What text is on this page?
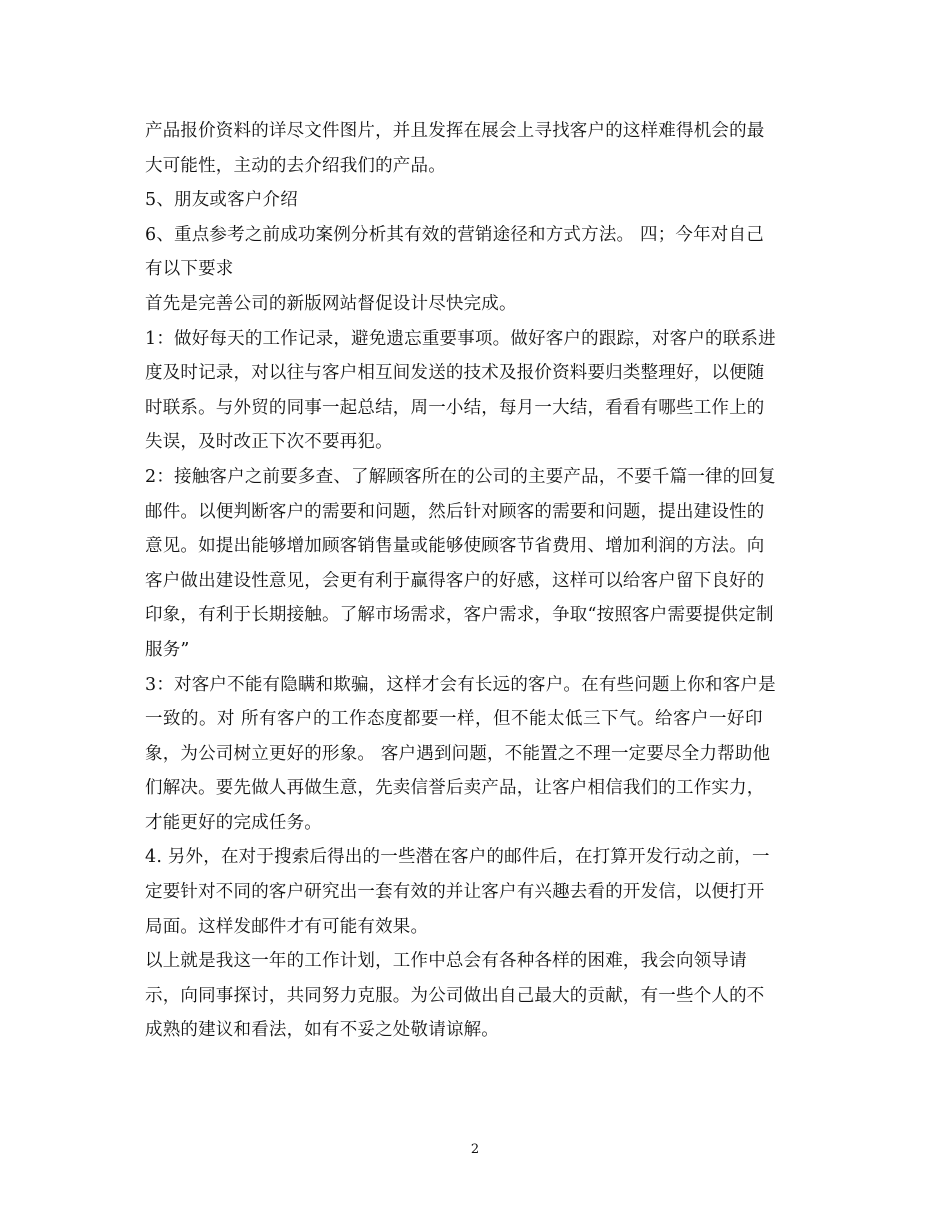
产品报价资料的详尽文件图片，并且发挥在展会上寻找客户的这样难得机会的最
大可能性，主动的去介绍我们的产品。
5、朋友或客户介绍
6、重点参考之前成功案例分析其有效的营销途径和方式方法。 四；今年对自己
有以下要求
首先是完善公司的新版网站督促设计尽快完成。
1：做好每天的工作记录，避免遗忘重要事项。做好客户的跟踪，对客户的联系进
度及时记录，对以往与客户相互间发送的技术及报价资料要归类整理好，以便随
时联系。与外贸的同事一起总结，周一小结，每月一大结，看看有哪些工作上的
失误，及时改正下次不要再犯。
2：接触客户之前要多查、了解顾客所在的公司的主要产品，不要千篇一律的回复
邮件。以便判断客户的需要和问题，然后针对顾客的需要和问题，提出建设性的
意见。如提出能够增加顾客销售量或能够使顾客节省费用、增加利润的方法。向
客户做出建设性意见，会更有利于赢得客户的好感，这样可以给客户留下良好的
印象，有利于长期接触。了解市场需求，客户需求，争取“按照客户需要提供定制
服务”
3：对客户不能有隐瞒和欺骗，这样才会有长远的客户。在有些问题上你和客户是
一致的。对 所有客户的工作态度都要一样，但不能太低三下气。给客户一好印
象，为公司树立更好的形象。 客户遇到问题，不能置之不理一定要尽全力帮助他
们解决。要先做人再做生意，先卖信誉后卖产品，让客户相信我们的工作实力，
才能更好的完成任务。
4. 另外，在对于搜索后得出的一些潜在客户的邮件后，在打算开发行动之前，一
定要针对不同的客户研究出一套有效的并让客户有兴趣去看的开发信，以便打开
局面。这样发邮件才有可能有效果。
以上就是我这一年的工作计划，工作中总会有各种各样的困难，我会向领导请
示，向同事探讨，共同努力克服。为公司做出自己最大的贡献，有一些个人的不
成熟的建议和看法，如有不妥之处敬请谅解。
2
